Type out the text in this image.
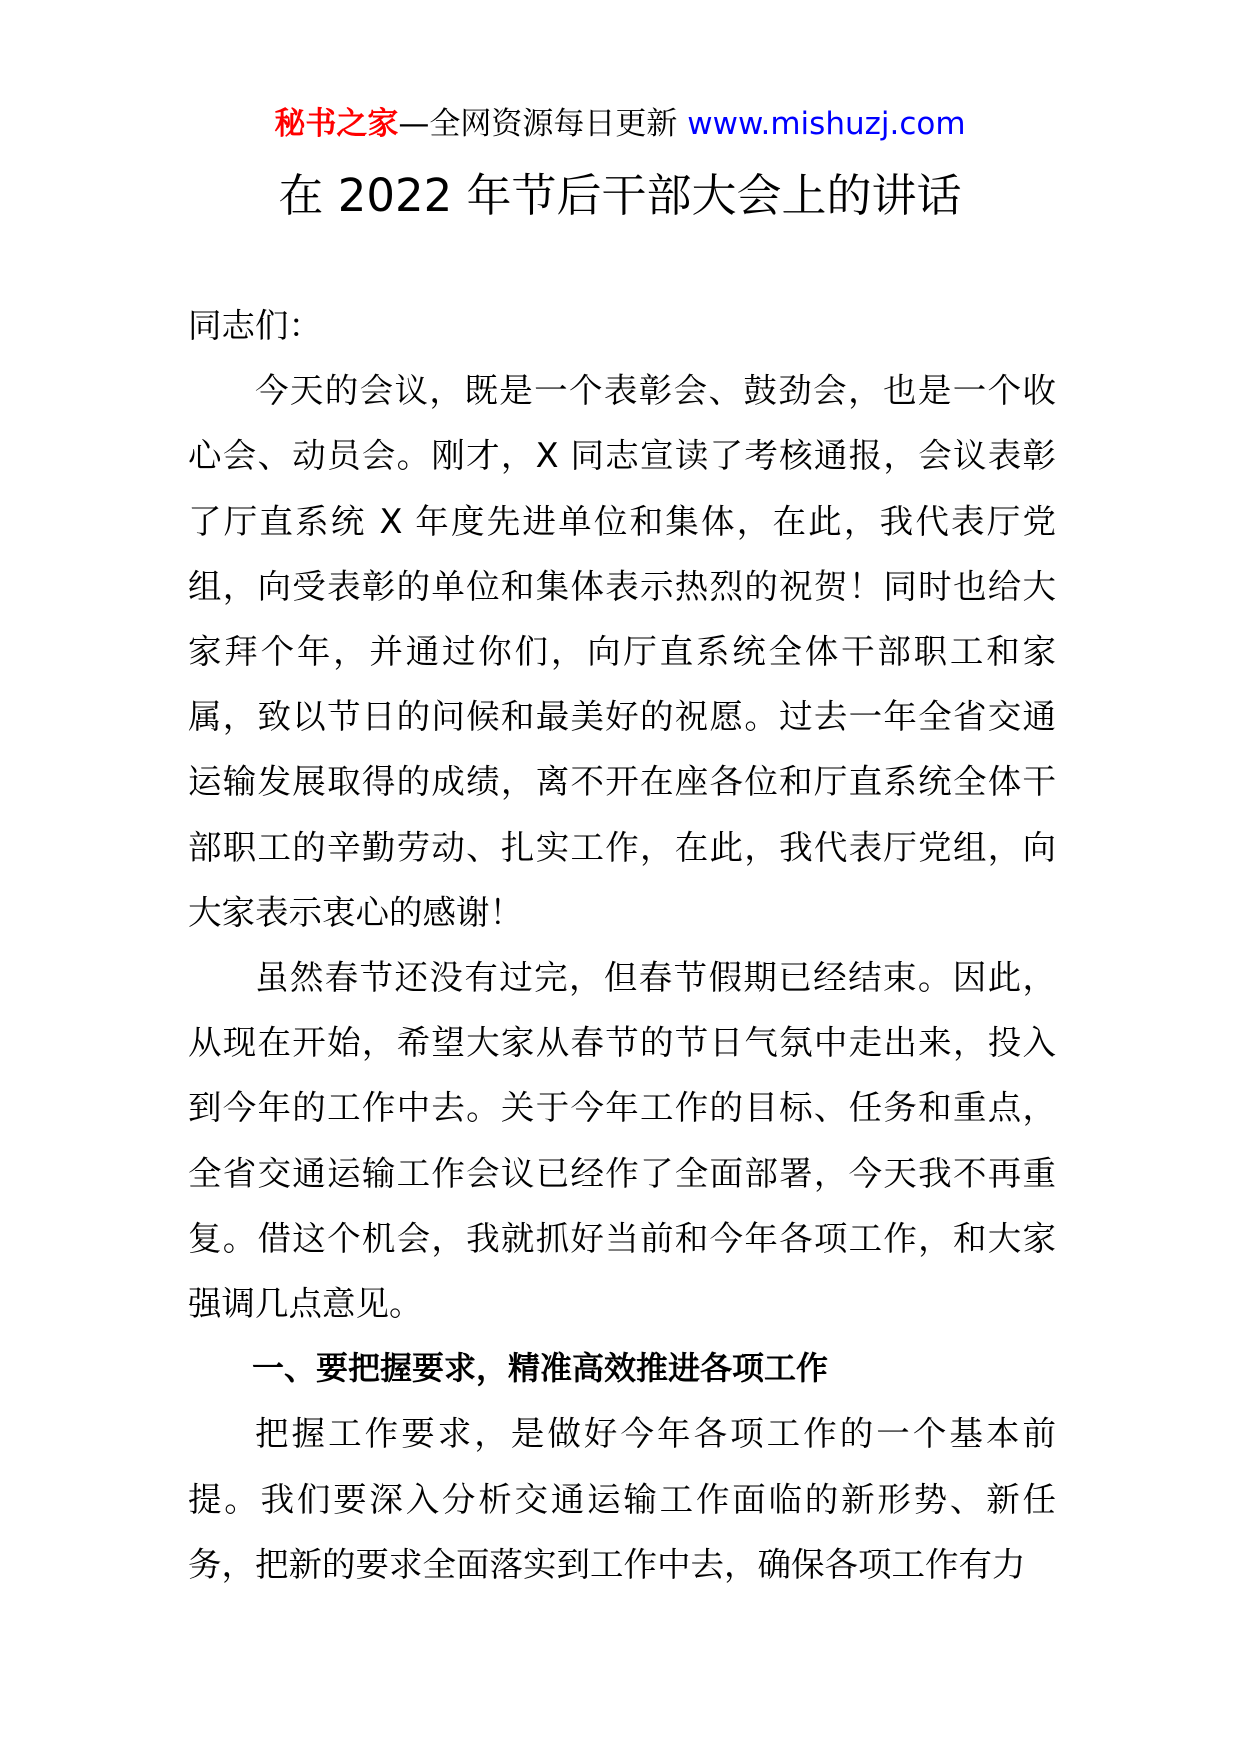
秘书之家—全网资源每日更新 www.mishuzj.com
在 2022 年节后干部大会上的讲话

同志们：

今天的会议，既是一个表彰会、鼓劲会，也是一个收心会、动员会。刚才，X 同志宣读了考核通报，会议表彰了厅直系统 X 年度先进单位和集体，在此，我代表厅党组，向受表彰的单位和集体表示热烈的祝贺！同时也给大家拜个年，并通过你们，向厅直系统全体干部职工和家属，致以节日的问候和最美好的祝愿。过去一年全省交通运输发展取得的成绩，离不开在座各位和厅直系统全体干部职工的辛勤劳动、扎实工作，在此，我代表厅党组，向大家表示衷心的感谢！

虽然春节还没有过完，但春节假期已经结束。因此，从现在开始，希望大家从春节的节日气氛中走出来，投入到今年的工作中去。关于今年工作的目标、任务和重点，全省交通运输工作会议已经作了全面部署，今天我不再重复。借这个机会，我就抓好当前和今年各项工作，和大家强调几点意见。

一、要把握要求，精准高效推进各项工作

把握工作要求，是做好今年各项工作的一个基本前提。我们要深入分析交通运输工作面临的新形势、新任务，把新的要求全面落实到工作中去，确保各项工作有力
